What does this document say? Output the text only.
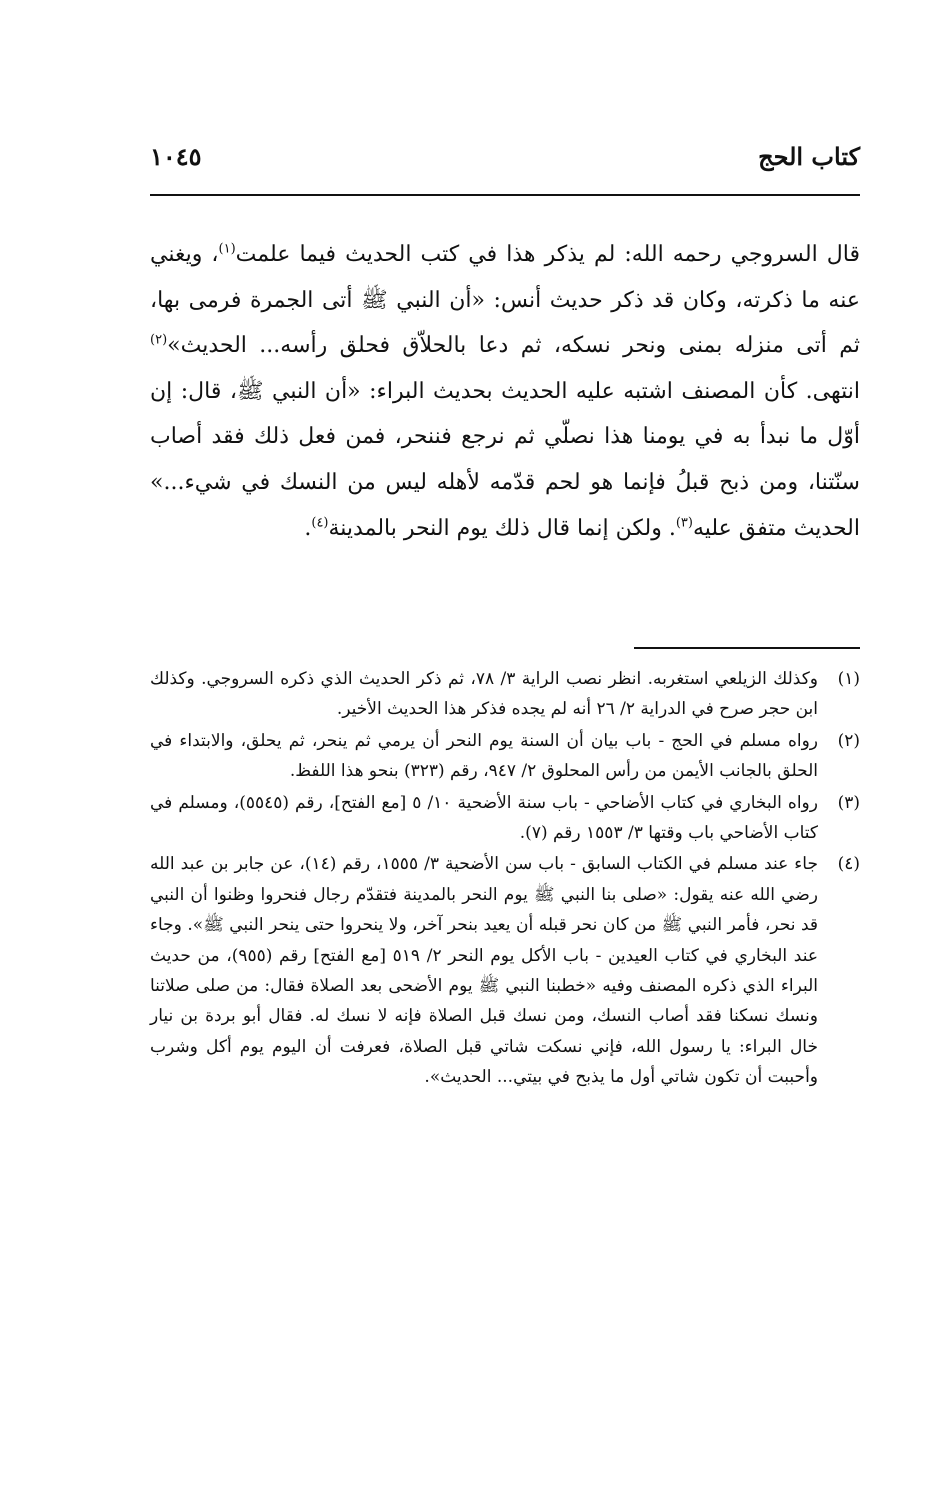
كتاب الحج
١٠٤٥

قال السروجي رحمه الله: لم يذكر هذا في كتب الحديث فيما علمت$^{(١)}$، ويغني عنه ما ذكرته، وكان قد ذكر حديث أنس: «أن النبي ﷺ أتى الجمرة فرمى بها، ثم أتى منزله بمنى ونحر نسكه، ثم دعا بالحلاّق فحلق رأسه... الحديث»$^{(٢)}$ انتهى. كأن المصنف اشتبه عليه الحديث بحديث البراء: «أن النبي ﷺ، قال: إن أوّل ما نبدأ به في يومنا هذا نصلّي ثم نرجع فننحر، فمن فعل ذلك فقد أصاب سنّتنا، ومن ذبح قبلُ فإنما هو لحم قدّمه لأهله ليس من النسك في شيء...» الحديث متفق عليه$^{(٣)}$. ولكن إنما قال ذلك يوم النحر بالمدينة$^{(٤)}$.

(١)
وكذلك الزيلعي استغربه. انظر نصب الراية ٣/ ٧٨، ثم ذكر الحديث الذي ذكره السروجي. وكذلك ابن حجر صرح في الدراية ٢/ ٢٦ أنه لم يجده فذكر هذا الحديث الأخير.
(٢)
رواه مسلم في الحج - باب بيان أن السنة يوم النحر أن يرمي ثم ينحر، ثم يحلق، والابتداء في الحلق بالجانب الأيمن من رأس المحلوق ٢/ ٩٤٧، رقم (٣٢٣) بنحو هذا اللفظ.
(٣)
رواه البخاري في كتاب الأضاحي - باب سنة الأضحية ١٠/ ٥ [مع الفتح]، رقم (٥٥٤٥)، ومسلم في كتاب الأضاحي باب وقتها ٣/ ١٥٥٣ رقم (٧).
(٤)
جاء عند مسلم في الكتاب السابق - باب سن الأضحية ٣/ ١٥٥٥، رقم (١٤)، عن جابر بن عبد الله رضي الله عنه يقول: «صلى بنا النبي ﷺ يوم النحر بالمدينة فتقدّم رجال فنحروا وظنوا أن النبي قد نحر، فأمر النبي ﷺ من كان نحر قبله أن يعيد بنحر آخر، ولا ينحروا حتى ينحر النبي ﷺ». وجاء عند البخاري في كتاب العيدين - باب الأكل يوم النحر ٢/ ٥١٩ [مع الفتح] رقم (٩٥٥)، من حديث البراء الذي ذكره المصنف وفيه «خطبنا النبي ﷺ يوم الأضحى بعد الصلاة فقال: من صلى صلاتنا ونسك نسكنا فقد أصاب النسك، ومن نسك قبل الصلاة فإنه لا نسك له. فقال أبو بردة بن نيار خال البراء: يا رسول الله، فإني نسكت شاتي قبل الصلاة، فعرفت أن اليوم يوم أكل وشرب وأحببت أن تكون شاتي أول ما يذبح في بيتي... الحديث».
